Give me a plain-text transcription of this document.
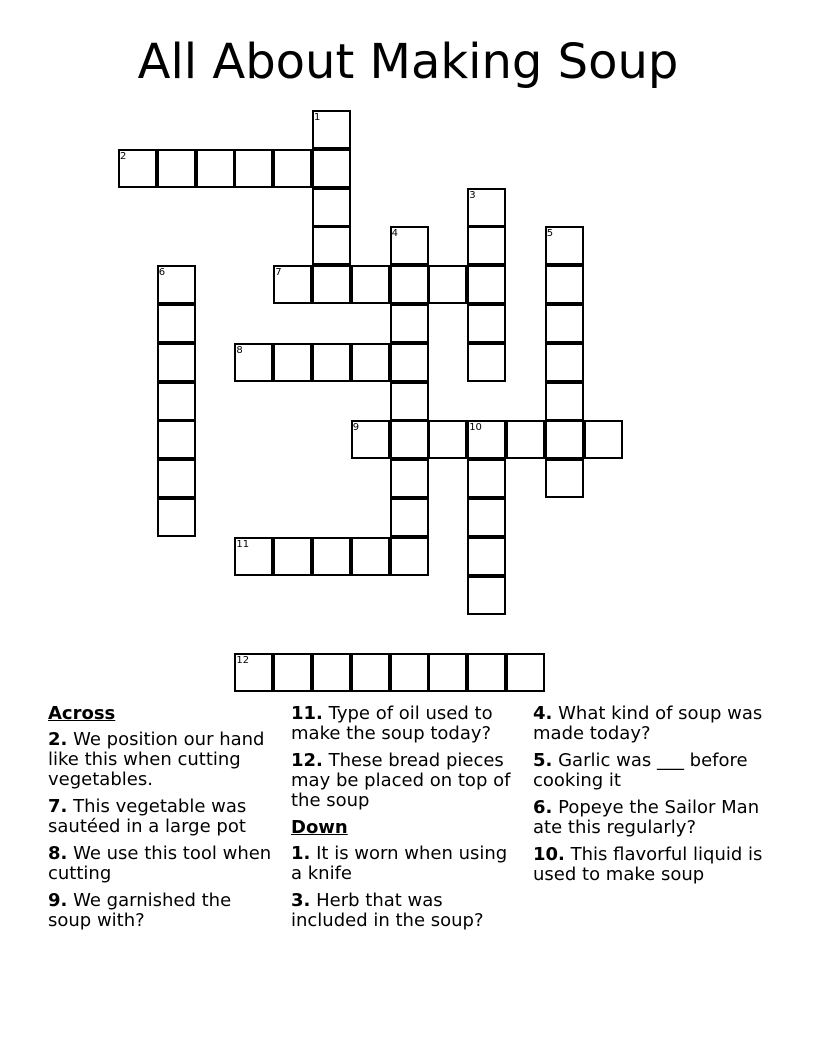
All About Making Soup
1
2
3
4	5
6	7
8
9	10
11
12
Across
2. We position our hand like this when cutting vegetables.
7. This vegetable was sautéed in a large pot
8. We use this tool when cutting
9. We garnished the soup with?
11. Type of oil used to make the soup today?
12. These bread pieces may be placed on top of the soup
Down
1. It is worn when using a knife
3. Herb that was included in the soup?
4. What kind of soup was made today?
5. Garlic was ___ before cooking it
6. Popeye the Sailor Man ate this regularly?
10. This flavorful liquid is used to make soup
